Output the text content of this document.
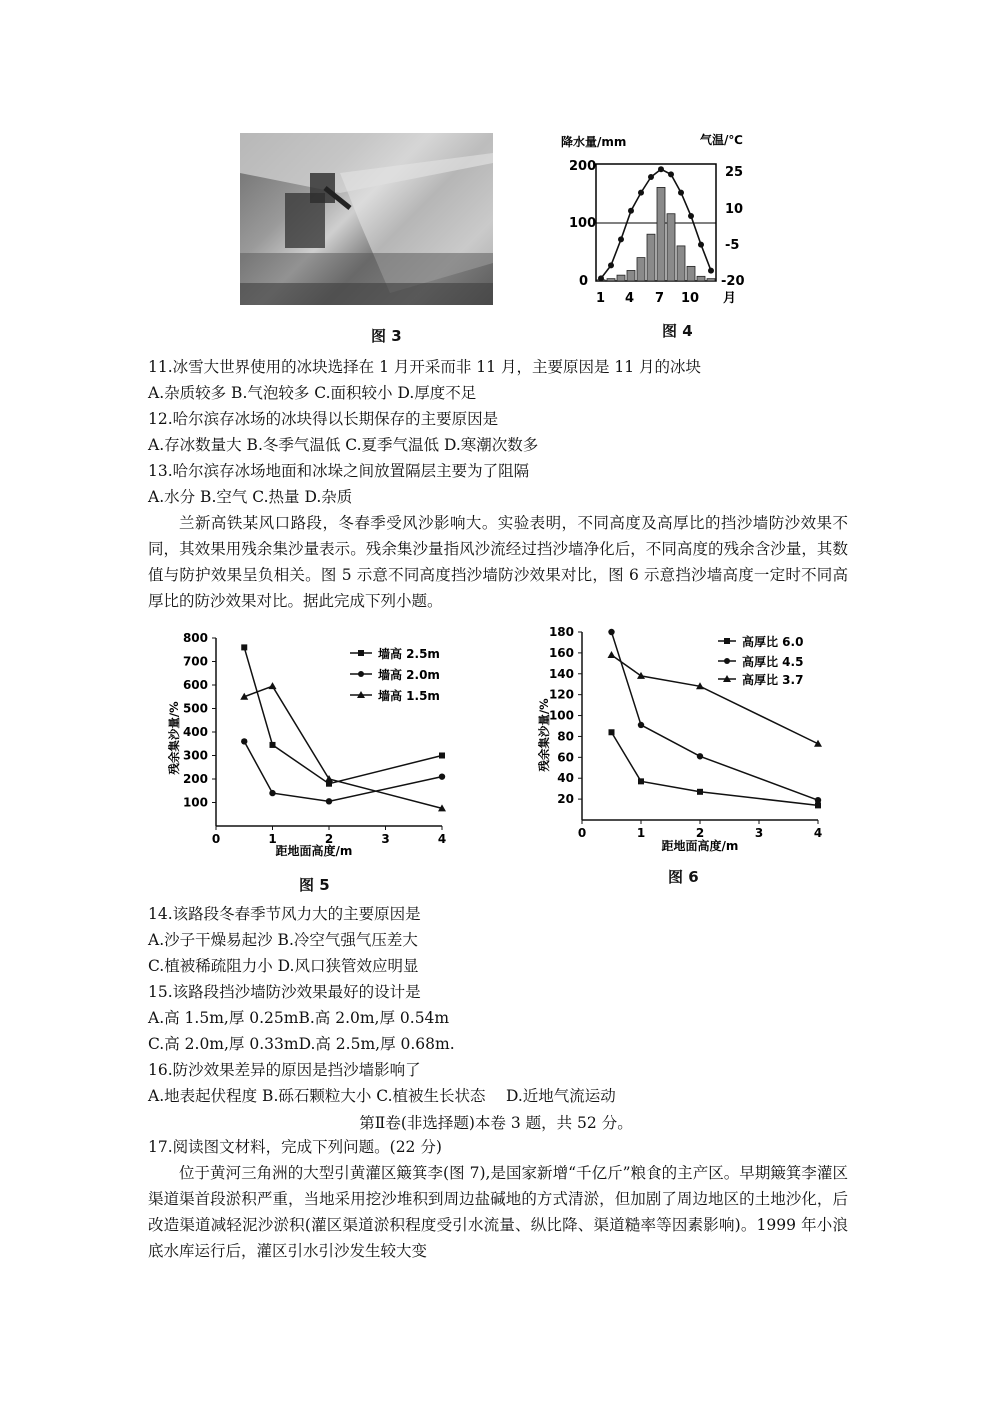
图 3
降水量/mm	气温/℃
200
100
0
25
10
-5
-20
1 4 7 10 月
图 4
11.冰雪大世界使用的冰块选择在 1 月开采而非 11 月，主要原因是 11 月的冰块
A.杂质较多 B.气泡较多 C.面积较小 D.厚度不足
12.哈尔滨存冰场的冰块得以长期保存的主要原因是
A.存冰数量大 B.冬季气温低 C.夏季气温低 D.寒潮次数多
13.哈尔滨存冰场地面和冰垛之间放置隔层主要为了阻隔
A.水分 B.空气 C.热量 D.杂质
兰新高铁某风口路段，冬春季受风沙影响大。实验表明，不同高度及高厚比的挡沙墙防沙效果不同，其效果用残余集沙量表示。残余集沙量指风沙流经过挡沙墙净化后，不同高度的残余含沙量，其数值与防护效果呈负相关。图 5 示意不同高度挡沙墙防沙效果对比，图 6 示意挡沙墙高度一定时不同高厚比的防沙效果对比。据此完成下列小题。
残余集沙量/%
距地面高度/m
0	1	2	3	4
100
200
300
400
500
600
700
800
墙高 2.5m
墙高 2.0m
墙高 1.5m
图 5
残余集沙量/%
距地面高度/m
0	1	2	3	4
20
40
60
80
100
120
140
160
180
高厚比 6.0
高厚比 4.5
高厚比 3.7
图 6
14.该路段冬春季节风力大的主要原因是
A.沙子干燥易起沙 B.冷空气强气压差大
C.植被稀疏阻力小 D.风口狭管效应明显
15.该路段挡沙墙防沙效果最好的设计是
A.高 1.5m,厚 0.25mB.高 2.0m,厚 0.54m
C.高 2.0m,厚 0.33mD.高 2.5m,厚 0.68m.
16.防沙效果差异的原因是挡沙墙影响了
A.地表起伏程度 B.砾石颗粒大小 C.植被生长状态 　D.近地气流运动
第Ⅱ卷(非选择题)本卷 3 题，共 52 分。
17.阅读图文材料，完成下列问题。(22 分)
位于黄河三角洲的大型引黄灌区簸箕李(图 7),是国家新增“千亿斤”粮食的主产区。早期簸箕李灌区渠道渠首段淤积严重，当地采用挖沙堆积到周边盐碱地的方式清淤，但加剧了周边地区的土地沙化，后改造渠道减轻泥沙淤积(灌区渠道淤积程度受引水流量、纵比降、渠道糙率等因素影响)。1999 年小浪底水库运行后，灌区引水引沙发生较大变
